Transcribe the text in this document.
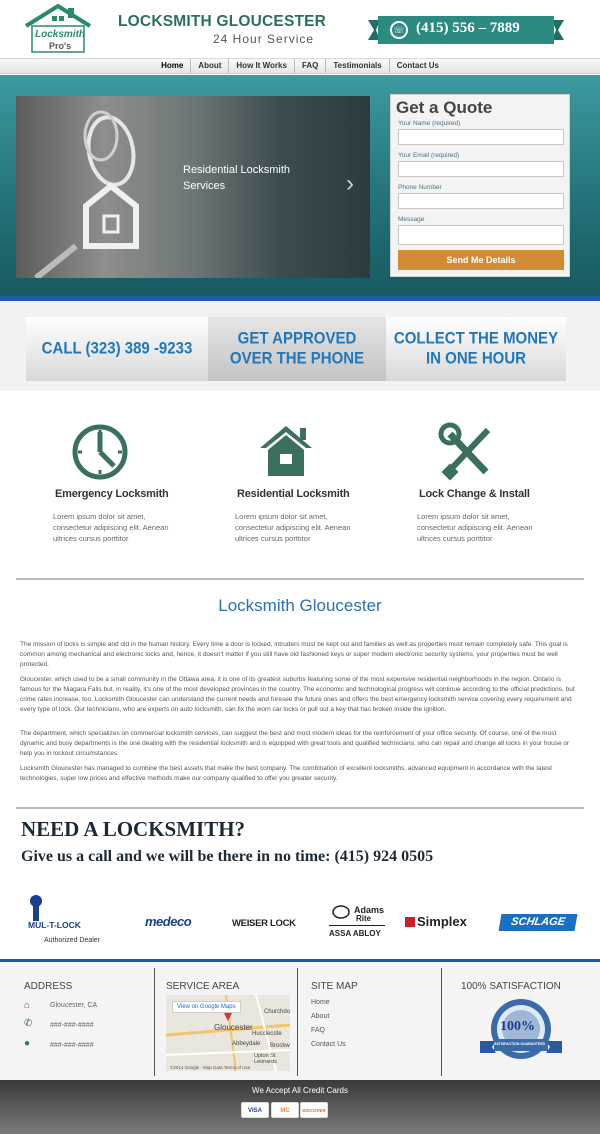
Locksmith
Pro's
LOCKSMITH GLOUCESTER
24 Hour Service
☏ (415) 556 – 7889
Home About How It Works FAQ Testimonials Contact Us
Residential Locksmith Services	›
Get a Quote
Your Name (required)
Your Email (required)
Phone Number
Message
Send Me Details
CALL (323) 389 -9233
GET APPROVED
OVER THE PHONE
COLLECT THE MONEY
IN ONE HOUR
Emergency Locksmith	Residential Locksmith	Lock Change & Install
Lorem ipsum dolor sit amet, consectetur adipiscing elit. Aenean ultrices cursus porttitor
Lorem ipsum dolor sit amet, consectetur adipiscing elit. Aenean ultrices cursus porttitor
Lorem ipsum dolor sit amet, consectetur adipiscing elit. Aenean ultrices cursus porttitor
Locksmith Gloucester
The mission of locks is simple and old in the human history. Every time a door is locked, intruders must be kept out and families as well as properties must remain completely safe. This goal is common among mechanical and electronic locks and, hence, it doesn't matter if you still have old fashioned keys or super modern electronic security systems, your properties must be well protected.
Gloucester, which used to be a small community in the Ottawa area, it is one of its greatest suburbs featuring some of the most expensive residential neighborhoods in the region. Ontario is famous for the Niagara Falls but, in reality, it's one of the most developed provinces in the country. The economic and technological progress will continue according to the official predictions, but crime rates increase, too. Locksmith Gloucester can understand the current needs and foresee the future ones and offers the best emergency locksmith service covering every requirement and every type of lock. Our technicians, who are experts on auto locksmith, can fix the worn car locks or pull out a key that has broken inside the ignition.
The department, which specializes on commercial locksmith services, can suggest the best and most modern ideas for the reinforcement of your office security. Of course, one of the most dynamic and busy departments is the one dealing with the residential locksmith and is equipped with great tools and qualified technicians, who can repair and change all locks in your house or help you in lockout circumstances.
Locksmith Gloucester has managed to combine the best assets that make the best company. The combination of excellent locksmiths, advanced equipment in accordance with the latest technologies, super low prices and effective methods make our company qualified to offer you greater security.
NEED A LOCKSMITH?
Give us a call and we will be there in no time: (415) 924 0505
MUL-T-LOCK
Authorized Dealer
medeco	WEISER LOCK
Adams
Rite
ASSA ABLOY
Simplex	SCHLAGE
ADDRESS
⌂	Gloucester, CA
✆	###-###-####
●	###-###-####
SERVICE AREA
View on Google Maps
Gloucester
Churchdo
Hucclecote
Abbeydale Brockw
Upton St
Leonards
©2014 Google · Map Data Terms of Use
SITE MAP
Home
About
FAQ
Contact Us
100% SATISFACTION
100%
SATISFACTION GUARANTEED
We Accept All Credit Cards
VISA	MC	DISCOVER
